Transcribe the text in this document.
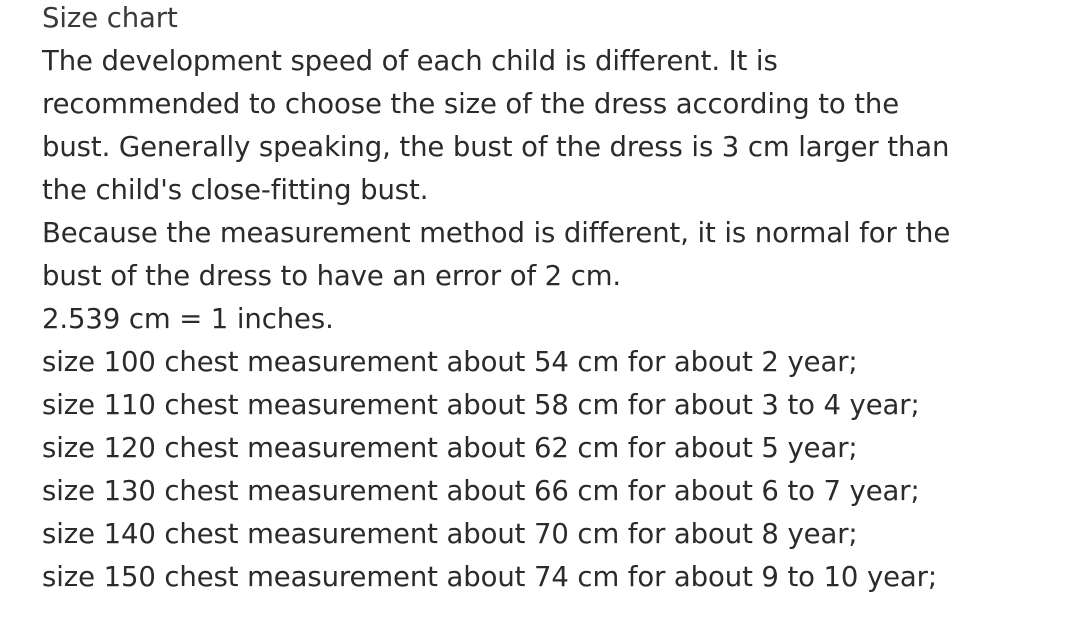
Size chart
The development speed of each child is different. It is
recommended to choose the size of the dress according to the
bust. Generally speaking, the bust of the dress is 3 cm larger than
the child's close-fitting bust.
Because the measurement method is different, it is normal for the
bust of the dress to have an error of 2 cm.
2.539 cm = 1 inches.
size 100 chest measurement about 54 cm for about 2 year;
size 110 chest measurement about 58 cm for about 3 to 4 year;
size 120 chest measurement about 62 cm for about 5 year;
size 130 chest measurement about 66 cm for about 6 to 7 year;
size 140 chest measurement about 70 cm for about 8 year;
size 150 chest measurement about 74 cm for about 9 to 10 year;
